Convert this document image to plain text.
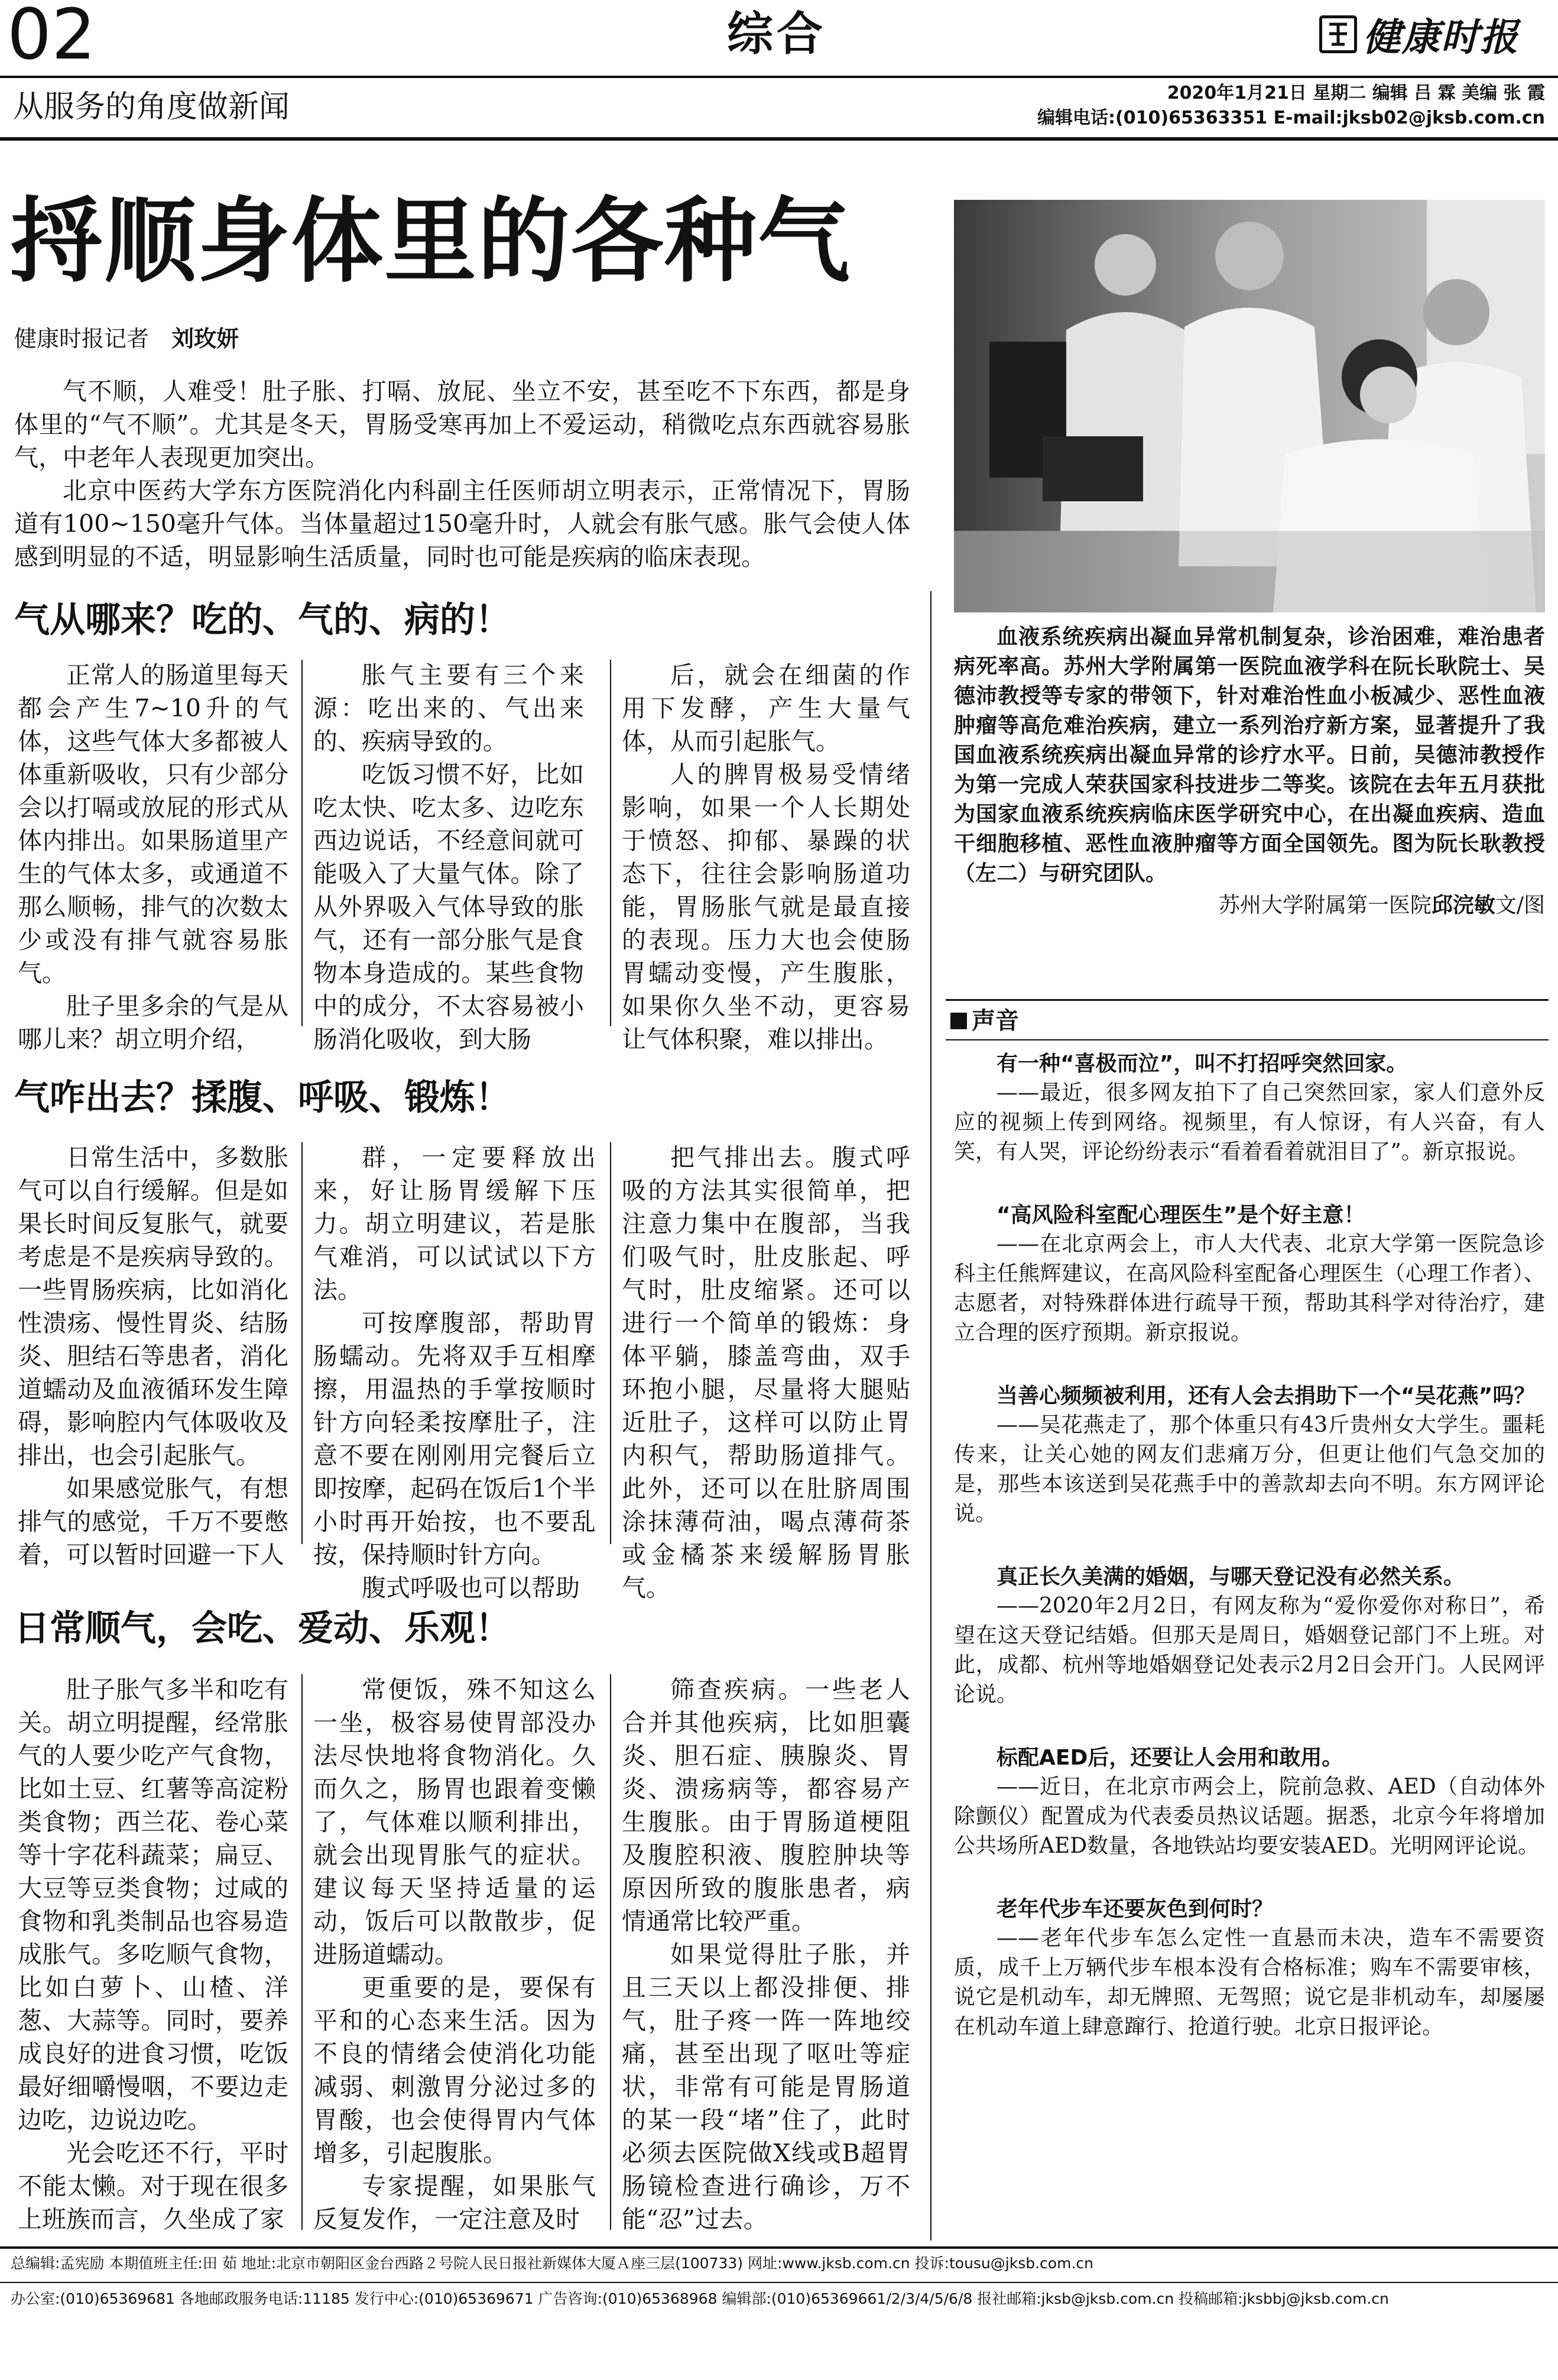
02	综合	健康时报
从服务的角度做新闻	2020年1月21日 星期二 编辑 吕 霖 美编 张 霞
编辑电话:(010)65363351 E-mail:jksb02@jksb.com.cn
捋顺身体里的各种气
健康时报记者 刘玫妍

气不顺，人难受！肚子胀、打嗝、放屁、坐立不安，甚至吃不下东西，都是身体里的“气不顺”。尤其是冬天，胃肠受寒再加上不爱运动，稍微吃点东西就容易胀气，中老年人表现更加突出。

北京中医药大学东方医院消化内科副主任医师胡立明表示，正常情况下，胃肠道有100~150毫升气体。当体量超过150毫升时，人就会有胀气感。胀气会使人体感到明显的不适，明显影响生活质量，同时也可能是疾病的临床表现。

气从哪来？吃的、气的、病的！

正常人的肠道里每天都会产生7~10升的气体，这些气体大多都被人体重新吸收，只有少部分会以打嗝或放屁的形式从体内排出。如果肠道里产生的气体太多，或通道不那么顺畅，排气的次数太少或没有排气就容易胀气。

肚子里多余的气是从哪儿来？胡立明介绍，

胀气主要有三个来源：吃出来的、气出来的、疾病导致的。

吃饭习惯不好，比如吃太快、吃太多、边吃东西边说话，不经意间就可能吸入了大量气体。除了从外界吸入气体导致的胀气，还有一部分胀气是食物本身造成的。某些食物中的成分，不太容易被小肠消化吸收，到大肠

后，就会在细菌的作用下发酵，产生大量气体，从而引起胀气。

人的脾胃极易受情绪影响，如果一个人长期处于愤怒、抑郁、暴躁的状态下，往往会影响肠道功能，胃肠胀气就是最直接的表现。压力大也会使肠胃蠕动变慢，产生腹胀，如果你久坐不动，更容易让气体积聚，难以排出。

气咋出去？揉腹、呼吸、锻炼！

日常生活中，多数胀气可以自行缓解。但是如果长时间反复胀气，就要考虑是不是疾病导致的。一些胃肠疾病，比如消化性溃疡、慢性胃炎、结肠炎、胆结石等患者，消化道蠕动及血液循环发生障碍，影响腔内气体吸收及排出，也会引起胀气。

如果感觉胀气，有想排气的感觉，千万不要憋着，可以暂时回避一下人

群，一定要释放出来，好让肠胃缓解下压力。胡立明建议，若是胀气难消，可以试试以下方法。

可按摩腹部，帮助胃肠蠕动。先将双手互相摩擦，用温热的手掌按顺时针方向轻柔按摩肚子，注意不要在刚刚用完餐后立即按摩，起码在饭后1个半小时再开始按，也不要乱按，保持顺时针方向。

腹式呼吸也可以帮助

把气排出去。腹式呼吸的方法其实很简单，把注意力集中在腹部，当我们吸气时，肚皮胀起、呼气时，肚皮缩紧。还可以进行一个简单的锻炼：身体平躺，膝盖弯曲，双手环抱小腿，尽量将大腿贴近肚子，这样可以防止胃内积气，帮助肠道排气。此外，还可以在肚脐周围涂抹薄荷油，喝点薄荷茶或金橘茶来缓解肠胃胀气。

日常顺气，会吃、爱动、乐观！

肚子胀气多半和吃有关。胡立明提醒，经常胀气的人要少吃产气食物，比如土豆、红薯等高淀粉类食物；西兰花、卷心菜等十字花科蔬菜；扁豆、大豆等豆类食物；过咸的食物和乳类制品也容易造成胀气。多吃顺气食物，比如白萝卜、山楂、洋葱、大蒜等。同时，要养成良好的进食习惯，吃饭最好细嚼慢咽，不要边走边吃，边说边吃。

光会吃还不行，平时不能太懒。对于现在很多上班族而言，久坐成了家

常便饭，殊不知这么一坐，极容易使胃部没办法尽快地将食物消化。久而久之，肠胃也跟着变懒了，气体难以顺利排出，就会出现胃胀气的症状。建议每天坚持适量的运动，饭后可以散散步，促进肠道蠕动。

更重要的是，要保有平和的心态来生活。因为不良的情绪会使消化功能减弱、刺激胃分泌过多的胃酸，也会使得胃内气体增多，引起腹胀。

专家提醒，如果胀气反复发作，一定注意及时

筛查疾病。一些老人合并其他疾病，比如胆囊炎、胆石症、胰腺炎、胃炎、溃疡病等，都容易产生腹胀。由于胃肠道梗阻及腹腔积液、腹腔肿块等原因所致的腹胀患者，病情通常比较严重。

如果觉得肚子胀，并且三天以上都没排便、排气，肚子疼一阵一阵地绞痛，甚至出现了呕吐等症状，非常有可能是胃肠道的某一段“堵”住了，此时必须去医院做X线或B超胃肠镜检查进行确诊，万不能“忍”过去。

血液系统疾病出凝血异常机制复杂，诊治困难，难治患者病死率高。苏州大学附属第一医院血液学科在阮长耿院士、吴德沛教授等专家的带领下，针对难治性血小板减少、恶性血液肿瘤等高危难治疾病，建立一系列治疗新方案，显著提升了我国血液系统疾病出凝血异常的诊疗水平。日前，吴德沛教授作为第一完成人荣获国家科技进步二等奖。该院在去年五月获批为国家血液系统疾病临床医学研究中心，在出凝血疾病、造血干细胞移植、恶性血液肿瘤等方面全国领先。图为阮长耿教授（左二）与研究团队。

苏州大学附属第一医院邱浣敏文/图
声音

有一种“喜极而泣”，叫不打招呼突然回家。

——最近，很多网友拍下了自己突然回家，家人们意外反应的视频上传到网络。视频里，有人惊讶，有人兴奋，有人笑，有人哭，评论纷纷表示“看着看着就泪目了”。新京报说。

“高风险科室配心理医生”是个好主意！

——在北京两会上，市人大代表、北京大学第一医院急诊科主任熊辉建议，在高风险科室配备心理医生（心理工作者）、志愿者，对特殊群体进行疏导干预，帮助其科学对待治疗，建立合理的医疗预期。新京报说。

当善心频频被利用，还有人会去捐助下一个“吴花燕”吗？

——吴花燕走了，那个体重只有43斤贵州女大学生。噩耗传来，让关心她的网友们悲痛万分，但更让他们气急交加的是，那些本该送到吴花燕手中的善款却去向不明。东方网评论说。

真正长久美满的婚姻，与哪天登记没有必然关系。

——2020年2月2日，有网友称为“爱你爱你对称日”，希望在这天登记结婚。但那天是周日，婚姻登记部门不上班。对此，成都、杭州等地婚姻登记处表示2月2日会开门。人民网评论说。

标配AED后，还要让人会用和敢用。

——近日，在北京市两会上，院前急救、AED（自动体外除颤仪）配置成为代表委员热议话题。据悉，北京今年将增加公共场所AED数量，各地铁站均要安装AED。光明网评论说。

老年代步车还要灰色到何时？

——老年代步车怎么定性一直悬而未决，造车不需要资质，成千上万辆代步车根本没有合格标准；购车不需要审核，说它是机动车，却无牌照、无驾照；说它是非机动车，却屡屡在机动车道上肆意蹿行、抢道行驶。北京日报评论。

总编辑:孟宪励 本期值班主任:田 茹 地址:北京市朝阳区金台西路２号院人民日报社新媒体大厦Ａ座三层(100733) 网址:www.jksb.com.cn 投诉:tousu@jksb.com.cn
办公室:(010)65369681 各地邮政服务电话:11185 发行中心:(010)65369671 广告咨询:(010)65368968 编辑部:(010)65369661/2/3/4/5/6/8 报社邮箱:jksb@jksb.com.cn 投稿邮箱:jksbbj@jksb.com.cn
